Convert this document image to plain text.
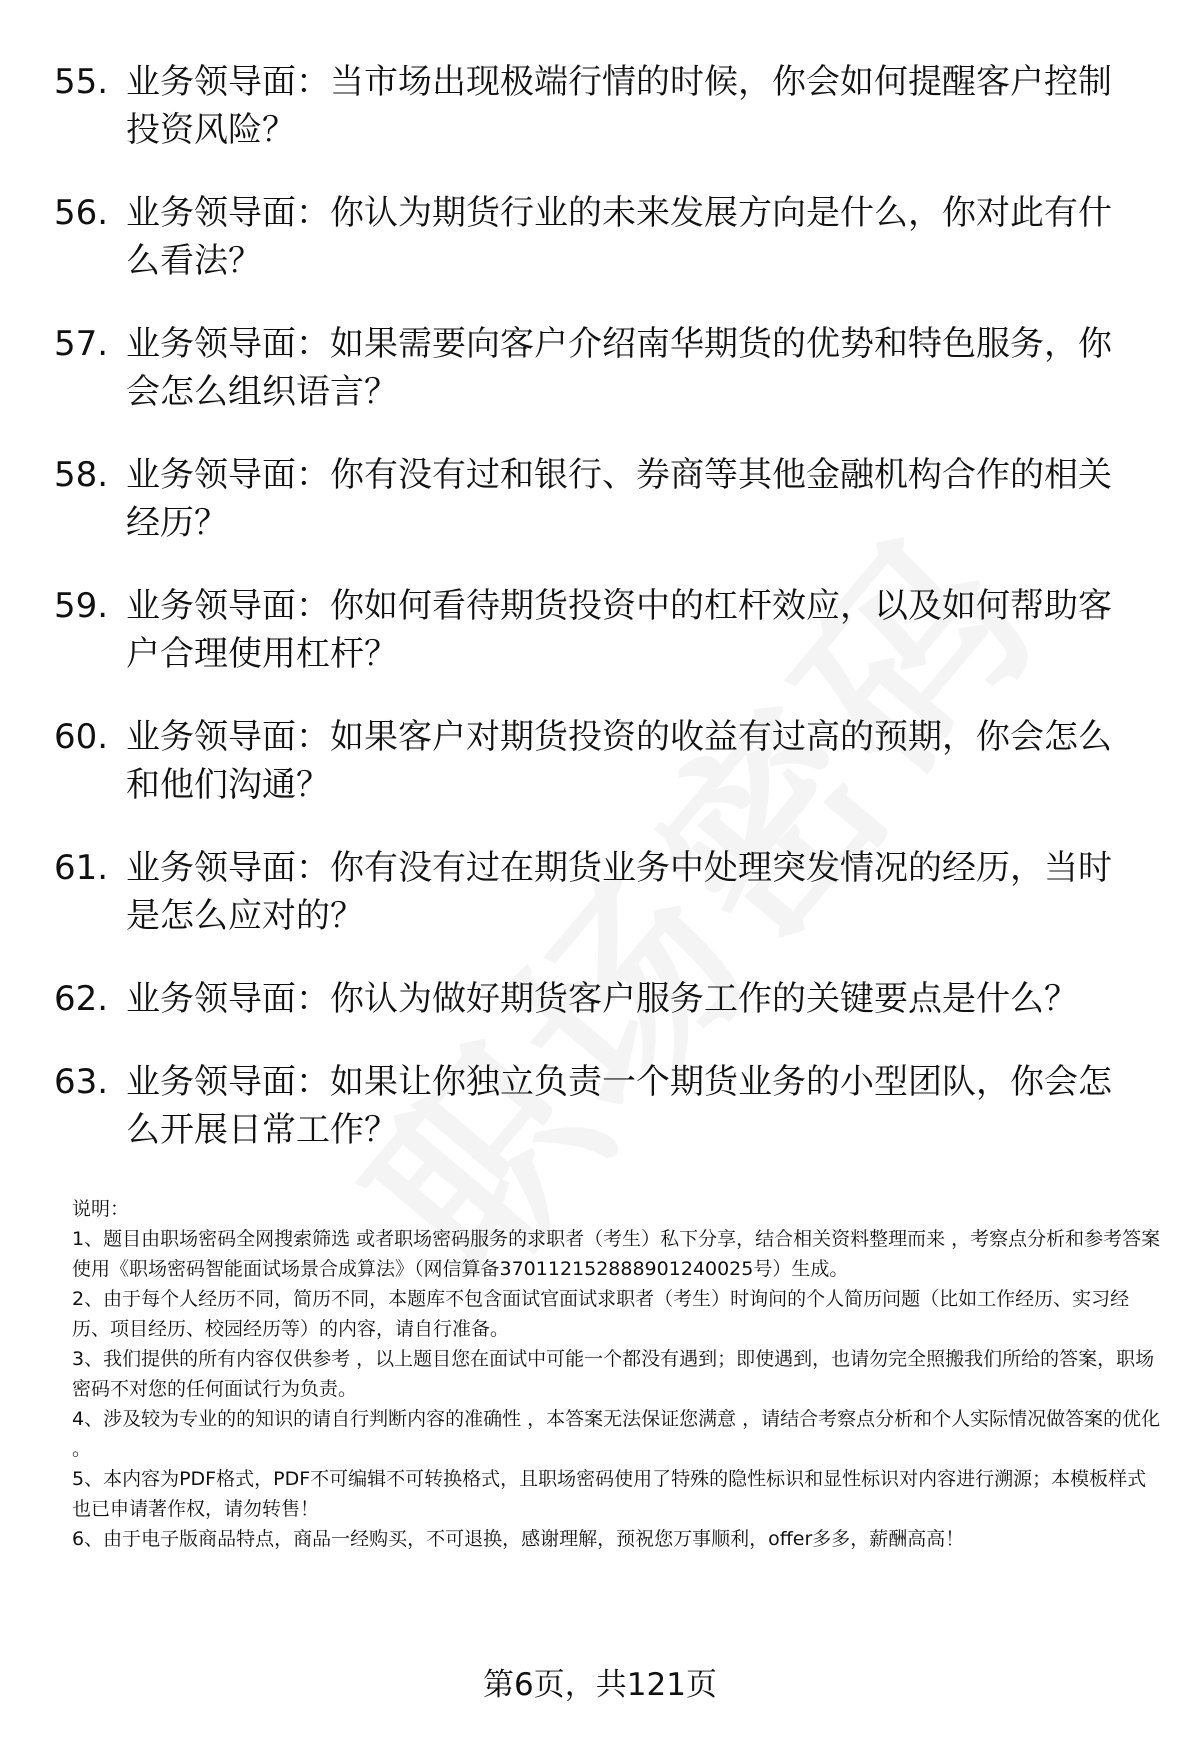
55. 业务领导面：当市场出现极端行情的时候，你会如何提醒客户控制投资风险？
56. 业务领导面：你认为期货行业的未来发展方向是什么，你对此有什么看法？
57. 业务领导面：如果需要向客户介绍南华期货的优势和特色服务，你会怎么组织语言？
58. 业务领导面：你有没有过和银行、券商等其他金融机构合作的相关经历？
59. 业务领导面：你如何看待期货投资中的杠杆效应，以及如何帮助客户合理使用杠杆？
60. 业务领导面：如果客户对期货投资的收益有过高的预期，你会怎么和他们沟通？
61. 业务领导面：你有没有过在期货业务中处理突发情况的经历，当时是怎么应对的？
62. 业务领导面：你认为做好期货客户服务工作的关键要点是什么？
63. 业务领导面：如果让你独立负责一个期货业务的小型团队，你会怎么开展日常工作？

说明：

1、题目由职场密码全网搜索筛选 或者职场密码服务的求职者（考生）私下分享，结合相关资料整理而来 ，考察点分析和参考答案使用《职场密码智能面试场景合成算法》（网信算备370112152888901240025号）生成。

2、由于每个人经历不同，简历不同，本题库不包含面试官面试求职者（考生）时询问的个人简历问题（比如工作经历、实习经历、项目经历、校园经历等）的内容，请自行准备。

3、我们提供的所有内容仅供参考 ，以上题目您在面试中可能一个都没有遇到；即使遇到，也请勿完全照搬我们所给的答案，职场密码不对您的任何面试行为负责。

4、涉及较为专业的的知识的请自行判断内容的准确性 ，本答案无法保证您满意 ，请结合考察点分析和个人实际情况做答案的优化 。

5、本内容为PDF格式，PDF不可编辑不可转换格式，且职场密码使用了特殊的隐性标识和显性标识对内容进行溯源；本模板样式也已申请著作权，请勿转售！

6、由于电子版商品特点，商品一经购买，不可退换，感谢理解，预祝您万事顺利，offer多多，薪酬高高！

第6页，共121页
